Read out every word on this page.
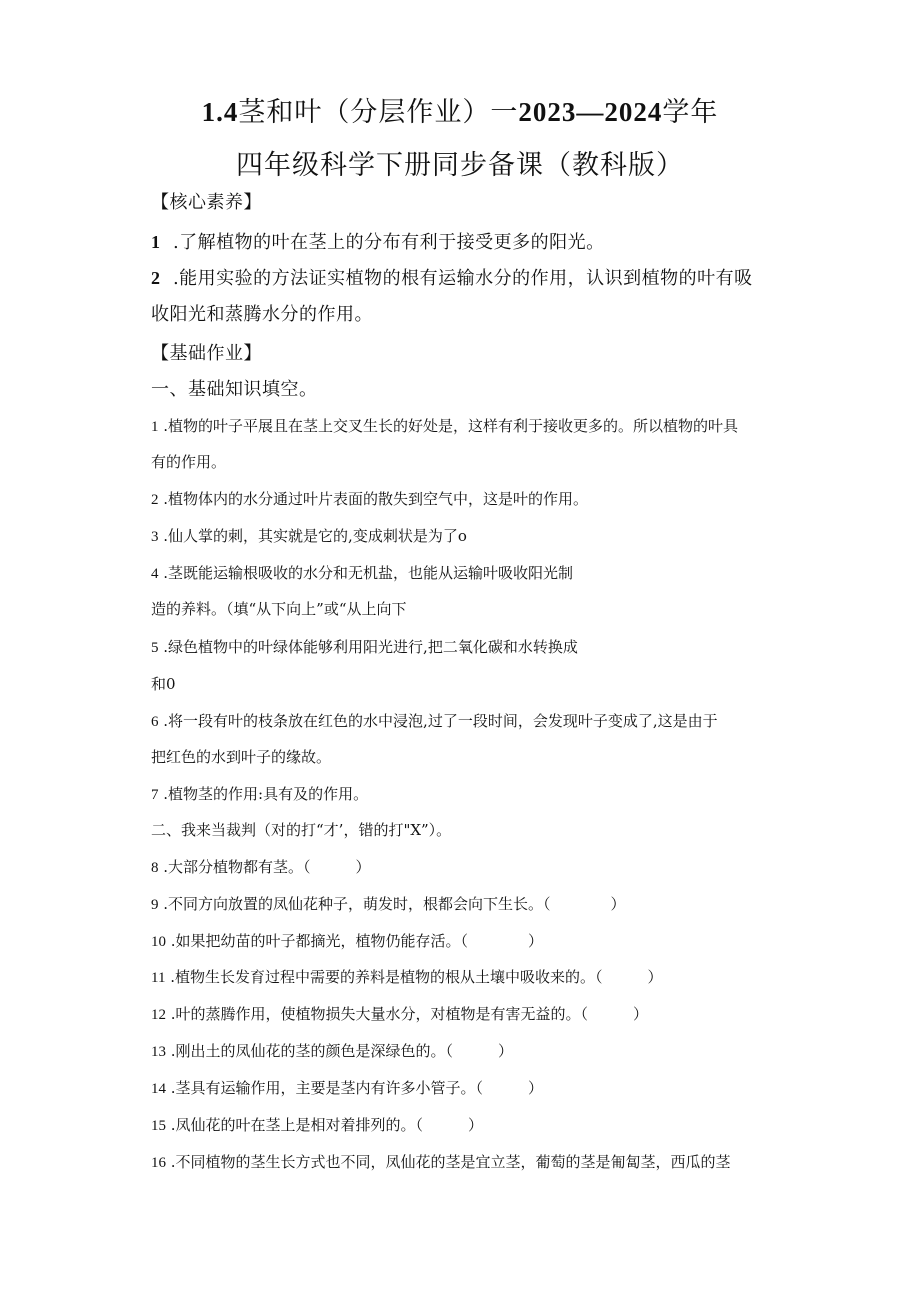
1.4茎和叶（分层作业）一2023—2024学年
四年级科学下册同步备课（教科版）
【核心素养】
1 .了解植物的叶在茎上的分布有利于接受更多的阳光。
2 .能用实验的方法证实植物的根有运输水分的作用，认识到植物的叶有吸
收阳光和蒸腾水分的作用。
【基础作业】
一、基础知识填空。
1 .植物的叶子平展且在茎上交叉生长的好处是，这样有利于接收更多的。所以植物的叶具
有的作用。
2 .植物体内的水分通过叶片表面的散失到空气中，这是叶的作用。
3 .仙人掌的刺，其实就是它的,变成刺状是为了o
4 .茎既能运输根吸收的水分和无机盐，也能从运输叶吸收阳光制
造的养料。（填“从下向上”或“从上向下
5 .绿色植物中的叶绿体能够利用阳光进行,把二氧化碳和水转换成
和0
6 .将一段有叶的枝条放在红色的水中浸泡,过了一段时间，会发现叶子变成了,这是由于
把红色的水到叶子的缘故。
7 .植物茎的作用:具有及的作用。
二、我来当裁判（对的打“才’，错的打"X”）。
8 .大部分植物都有茎。（　　　）
9 .不同方向放置的凤仙花种子，萌发时，根都会向下生长。（　　　　）
10 .如果把幼苗的叶子都摘光，植物仍能存活。（　　　　）
11 .植物生长发育过程中需要的养料是植物的根从土壤中吸收来的。（　　　）
12 .叶的蒸腾作用，使植物损失大量水分，对植物是有害无益的。（　　　）
13 .刚出土的凤仙花的茎的颜色是深绿色的。（　　　）
14 .茎具有运输作用，主要是茎内有许多小管子。（　　　）
15 .凤仙花的叶在茎上是相对着排列的。（　　　）
16 .不同植物的茎生长方式也不同，凤仙花的茎是宜立茎，葡萄的茎是匍匐茎，西瓜的茎
